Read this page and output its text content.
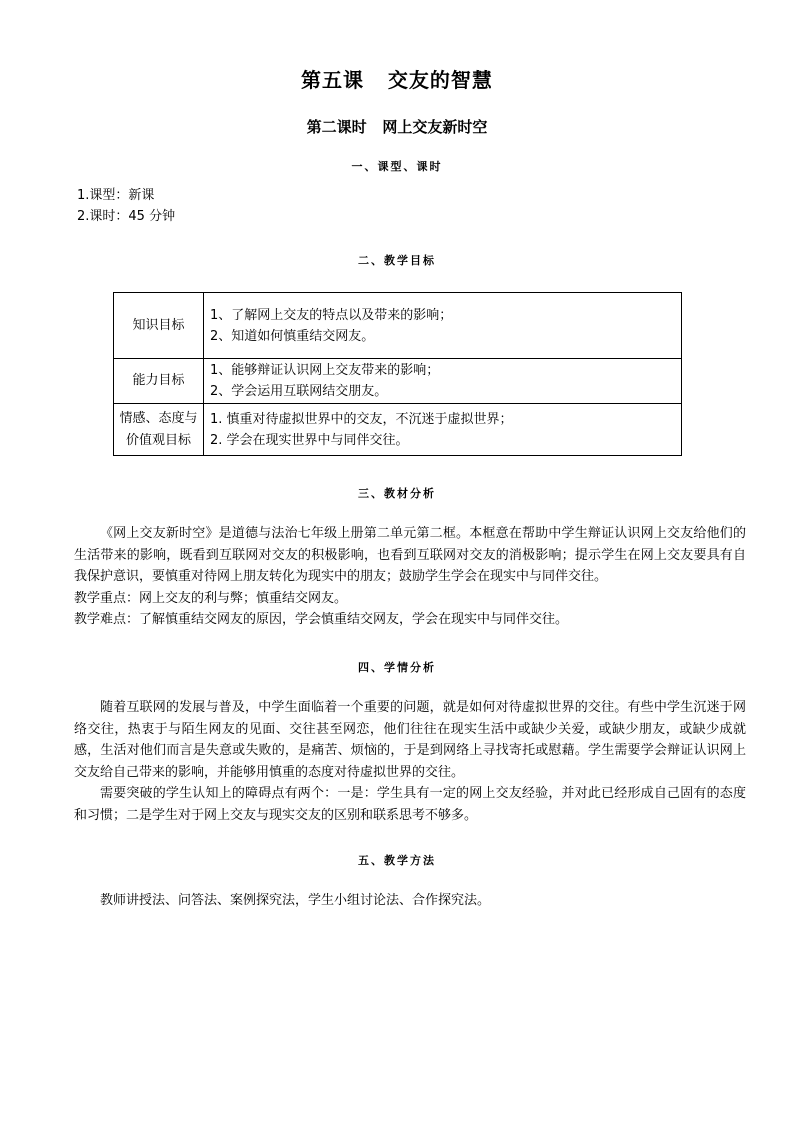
第五课   交友的智慧
第二课时   网上交友新时空
一、课型、课时
1.课型：新课
2.课时：45 分钟
二、教学目标
知识目标	1、了解网上交友的特点以及带来的影响；
2、知道如何慎重结交网友。

能力目标	1、能够辩证认识网上交友带来的影响；
2、学会运用互联网结交朋友。

情感、态度与价值观目标	1. 慎重对待虚拟世界中的交友，不沉迷于虚拟世界；
2. 学会在现实世界中与同伴交往。
三、教材分析
《网上交友新时空》是道德与法治七年级上册第二单元第二框。本框意在帮助中学生辩证认识网上交友给他们的生活带来的影响，既看到互联网对交友的积极影响，也看到互联网对交友的消极影响；提示学生在网上交友要具有自我保护意识，要慎重对待网上朋友转化为现实中的朋友；鼓励学生学会在现实中与同伴交往。
教学重点：网上交友的利与弊；慎重结交网友。
教学难点：了解慎重结交网友的原因，学会慎重结交网友，学会在现实中与同伴交往。
四、学情分析
随着互联网的发展与普及，中学生面临着一个重要的问题，就是如何对待虚拟世界的交往。有些中学生沉迷于网络交往，热衷于与陌生网友的见面、交往甚至网恋，他们往往在现实生活中或缺少关爱，或缺少朋友，或缺少成就感，生活对他们而言是失意或失败的，是痛苦、烦恼的，于是到网络上寻找寄托或慰藉。学生需要学会辩证认识网上交友给自己带来的影响，并能够用慎重的态度对待虚拟世界的交往。
需要突破的学生认知上的障碍点有两个：一是：学生具有一定的网上交友经验，并对此已经形成自己固有的态度和习惯；二是学生对于网上交友与现实交友的区别和联系思考不够多。
五、教学方法
教师讲授法、问答法、案例探究法，学生小组讨论法、合作探究法。
